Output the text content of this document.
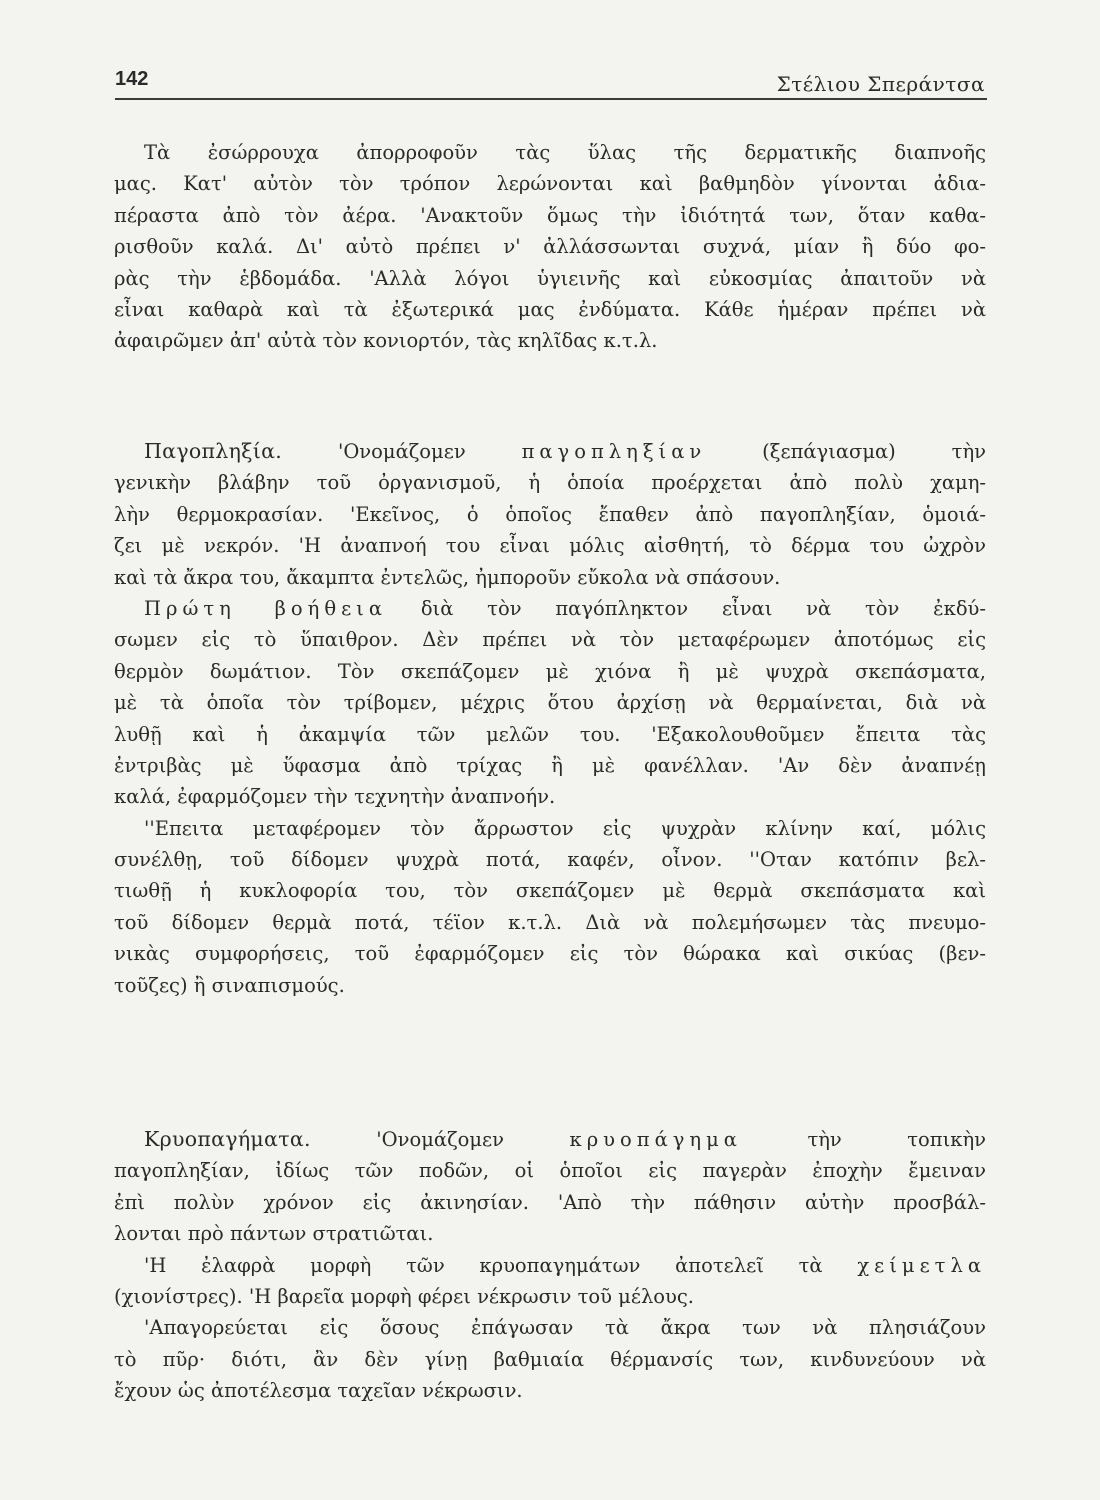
142	Στέλιου Σπεράντσα
Τὰ ἐσώρρουχα ἀπορροφοῦν τὰς ὕλας τῆς δερματικῆς διαπνοῆς
μας. Κατ' αὐτὸν τὸν τρόπον λερώνονται καὶ βαθμηδὸν γίνονται ἀδια-
πέραστα ἀπὸ τὸν ἀέρα. 'Ανακτοῦν ὅμως τὴν ἰδιότητά των, ὅταν καθα-
ρισθοῦν καλά. Δι' αὐτὸ πρέπει ν' ἀλλάσσωνται συχνά, μίαν ἢ δύο φο-
ρὰς τὴν ἑβδομάδα. 'Αλλὰ λόγοι ὑγιεινῆς καὶ εὐκοσμίας ἀπαιτοῦν νὰ
εἶναι καθαρὰ καὶ τὰ ἐξωτερικά μας ἐνδύματα. Κάθε ἡμέραν πρέπει νὰ
ἀφαιρῶμεν ἀπ' αὐτὰ τὸν κονιορτόν, τὰς κηλῖδας κ.τ.λ.
Παγοπληξία.	'Ονομάζομεν	παγοπληξίαν	(ξεπάγιασμα) τὴν
γενικὴν βλάβην τοῦ ὀργανισμοῦ, ἡ ὁποία προέρχεται ἀπὸ πολὺ χαμη-
λὴν θερμοκρασίαν. 'Εκεῖνος, ὁ ὁποῖος ἔπαθεν ἀπὸ παγοπληξίαν, ὁμοιά-
ζει μὲ νεκρόν. 'Η ἀναπνοή του εἶναι μόλις αἰσθητή, τὸ δέρμα του ὠχρὸν
καὶ τὰ ἄκρα του, ἄκαμπτα ἐντελῶς, ἠμποροῦν εὔκολα νὰ σπάσουν.
Πρώτη βοήθεια διὰ τὸν παγόπληκτον εἶναι νὰ τὸν ἐκδύ-
σωμεν εἰς τὸ ὕπαιθρον. Δὲν πρέπει νὰ τὸν μεταφέρωμεν ἀποτόμως εἰς
θερμὸν δωμάτιον. Τὸν σκεπάζομεν μὲ χιόνα ἢ μὲ ψυχρὰ σκεπάσματα,
μὲ τὰ ὁποῖα τὸν τρίβομεν, μέχρις ὅτου ἀρχίσῃ νὰ θερμαίνεται, διὰ νὰ
λυθῇ καὶ ἡ ἀκαμψία τῶν μελῶν του. 'Εξακολουθοῦμεν ἔπειτα τὰς
ἐντριβὰς μὲ ὕφασμα ἀπὸ τρίχας ἢ μὲ φανέλλαν. 'Αν δὲν ἀναπνέῃ
καλά, ἐφαρμόζομεν τὴν τεχνητὴν ἀναπνοήν.
''Επειτα μεταφέρομεν τὸν ἄρρωστον εἰς ψυχρὰν κλίνην καί, μόλις
συνέλθῃ, τοῦ δίδομεν ψυχρὰ ποτά, καφέν, οἶνον. ''Οταν κατόπιν βελ-
τιωθῇ ἡ κυκλοφορία του, τὸν σκεπάζομεν μὲ θερμὰ σκεπάσματα καὶ
τοῦ δίδομεν θερμὰ ποτά, τέϊον κ.τ.λ. Διὰ νὰ πολεμήσωμεν τὰς πνευμο-
νικὰς συμφορήσεις, τοῦ ἐφαρμόζομεν εἰς τὸν θώρακα καὶ σικύας (βεν-
τοῦζες) ἢ σιναπισμούς.
Κρυοπαγήματα.	'Ονομάζομεν	κρυοπάγημα	τὴν τοπικὴν
παγοπληξίαν, ἰδίως τῶν ποδῶν, οἱ ὁποῖοι εἰς παγερὰν ἐποχὴν ἔμειναν
ἐπὶ πολὺν χρόνον εἰς ἀκινησίαν. 'Απὸ τὴν πάθησιν αὐτὴν προσβάλ-
λονται πρὸ πάντων στρατιῶται.
'Η ἐλαφρὰ μορφὴ τῶν κρυοπαγημάτων ἀποτελεῖ τὰ χείμετλα
(χιονίστρες). 'Η βαρεῖα μορφὴ φέρει νέκρωσιν τοῦ μέλους.
'Απαγορεύεται εἰς ὅσους ἐπάγωσαν τὰ ἄκρα των νὰ πλησιάζουν
τὸ πῦρ· διότι, ἂν δὲν γίνῃ βαθμιαία θέρμανσίς των, κινδυνεύουν νὰ
ἔχουν ὡς ἀποτέλεσμα ταχεῖαν νέκρωσιν.
